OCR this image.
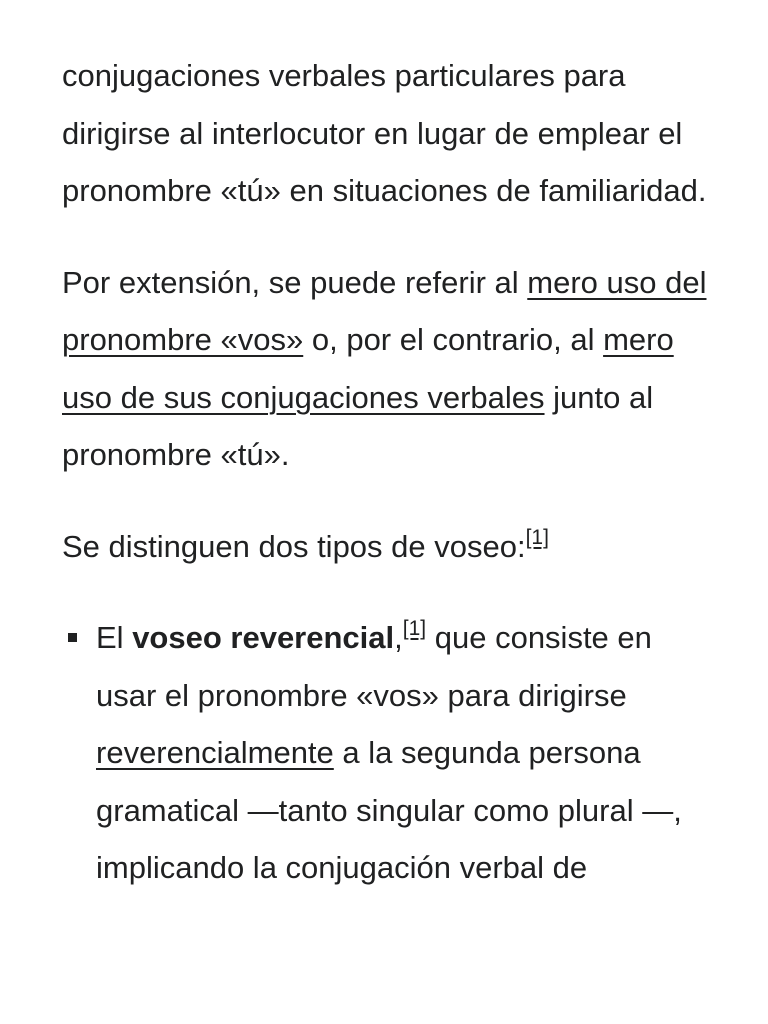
conjugaciones verbales particulares para dirigirse al interlocutor en lugar de emplear el pronombre «tú» en situaciones de familiaridad.

Por extensión, se puede referir al mero uso del pronombre «vos» o, por el contrario, al mero uso de sus conjugaciones verbales junto al pronombre «tú».

Se distinguen dos tipos de voseo:[1]

El voseo reverencial,[1] que consiste en usar el pronombre «vos» para dirigirse reverencialmente a la segunda persona gramatical —tanto singular como plural —, implicando la conjugación verbal de
